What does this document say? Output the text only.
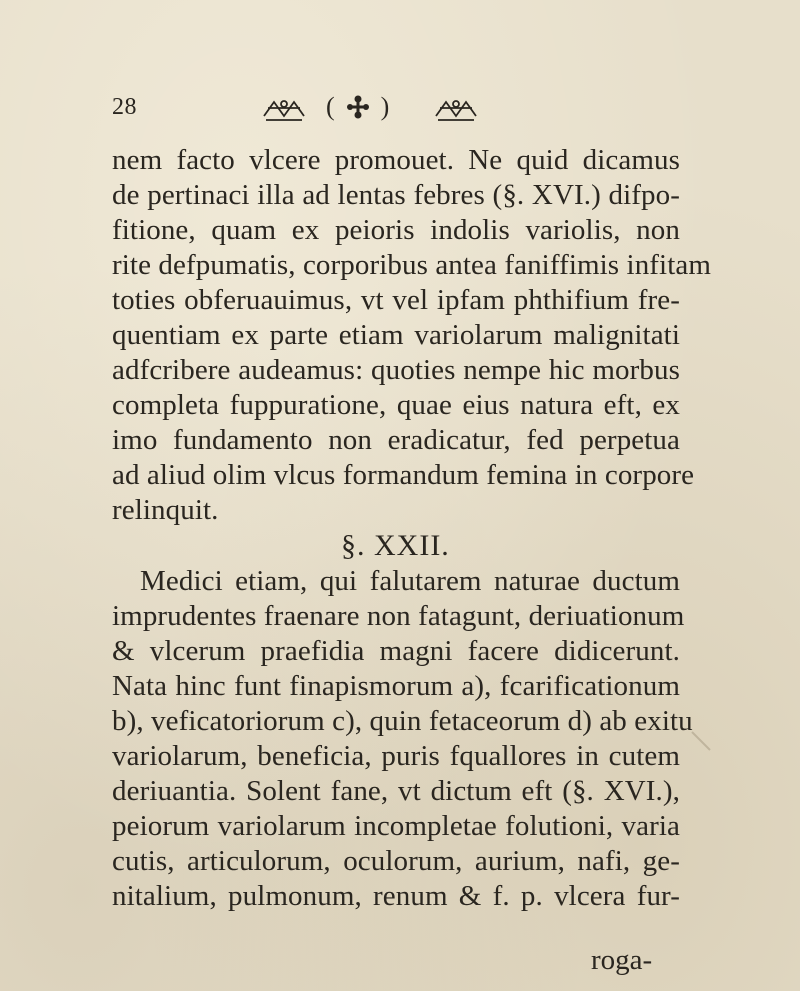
28	( )
nem facto vlcere promouet. Ne quid dicamus
de pertinaci illa ad lentas febres (§. XVI.) difpo-
fitione, quam ex peioris indolis variolis, non
rite defpumatis, corporibus antea faniffimis infitam
toties obferuauimus, vt vel ipfam phthifium fre-
quentiam ex parte etiam variolarum malignitati
adfcribere audeamus: quoties nempe hic morbus
completa fuppuratione, quae eius natura eft, ex
imo fundamento non eradicatur, fed perpetua
ad aliud olim vlcus formandum femina in corpore
relinquit.
§. XXII.
Medici etiam, qui falutarem naturae ductum
imprudentes fraenare non fatagunt, deriuationum
& vlcerum praefidia magni facere didicerunt.
Nata hinc funt finapismorum a), fcarificationum
b), veficatoriorum c), quin fetaceorum d) ab exitu
variolarum, beneficia, puris fquallores in cutem
deriuantia. Solent fane, vt dictum eft (§. XVI.),
peiorum variolarum incompletae folutioni, varia
cutis, articulorum, oculorum, aurium, nafi, ge-
nitalium, pulmonum, renum & f. p. vlcera fur-
roga-
